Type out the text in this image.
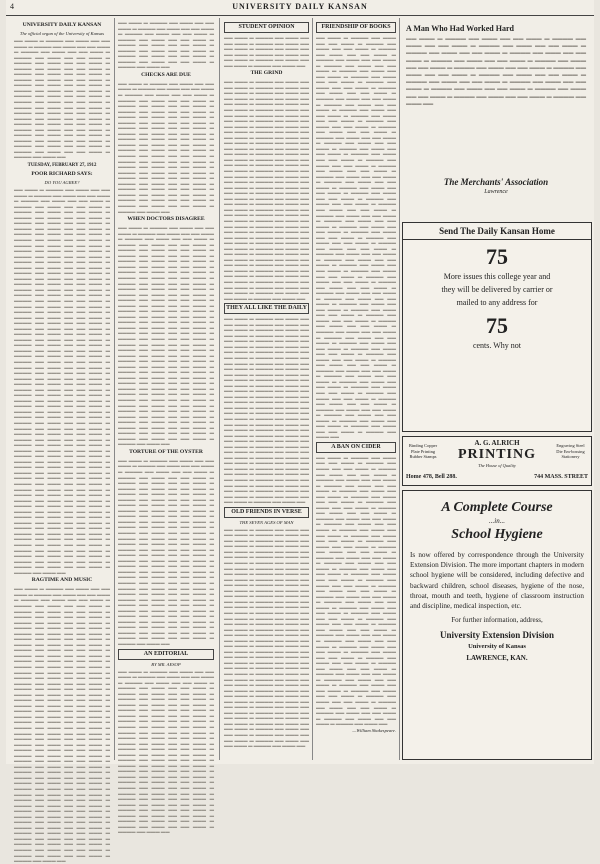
4	UNIVERSITY DAILY KANSAN
UNIVERSITY DAILY KANSAN
The official organ of the University of Kansas
▬▬ ▬▬▬ ▬ ▬▬▬▬ ▬▬ ▬▬▬ ▬▬ ▬▬ ▬▬▬ ▬ ▬▬▬▬ ▬▬ ▬▬▬ ▬▬ ▬▬ ▬▬▬ ▬ ▬▬▬▬ ▬▬ ▬▬▬ ▬▬ ▬▬ ▬▬▬ ▬ ▬▬▬▬ ▬▬ ▬▬▬ ▬▬ ▬▬ ▬▬▬ ▬ ▬▬▬▬ ▬▬ ▬▬▬ ▬▬ ▬▬ ▬▬▬ ▬ ▬▬▬▬ ▬▬ ▬▬▬ ▬▬ ▬▬ ▬▬▬ ▬ ▬▬▬▬ ▬▬ ▬▬▬ ▬▬ ▬▬ ▬▬▬ ▬ ▬▬▬▬ ▬▬ ▬▬▬ ▬▬ ▬▬ ▬▬▬ ▬ ▬▬▬▬ ▬▬ ▬▬▬ ▬▬ ▬▬ ▬▬▬ ▬ ▬▬▬▬ ▬▬ ▬▬▬ ▬▬ ▬▬ ▬▬▬ ▬ ▬▬▬▬ ▬▬ ▬▬▬ ▬▬ ▬▬ ▬▬▬ ▬ ▬▬▬▬ ▬▬ ▬▬▬ ▬▬ ▬▬ ▬▬▬ ▬ ▬▬▬▬ ▬▬ ▬▬▬ ▬▬ ▬▬ ▬▬▬ ▬ ▬▬▬▬ ▬▬ ▬▬▬ ▬▬ ▬▬ ▬▬▬ ▬ ▬▬▬▬ ▬▬ ▬▬▬ ▬▬ ▬▬ ▬▬▬ ▬ ▬▬▬▬ ▬▬ ▬▬▬ ▬▬ ▬▬ ▬▬▬ ▬ ▬▬▬▬ ▬▬ ▬▬▬ ▬▬ ▬▬ ▬▬▬ ▬ ▬▬▬▬ ▬▬ ▬▬▬ ▬▬ ▬▬ ▬▬▬ ▬ ▬▬▬▬ ▬▬ ▬▬▬ ▬▬ ▬▬ ▬▬▬ ▬ ▬▬▬▬ ▬▬ ▬▬▬ ▬▬ ▬▬ ▬▬▬ ▬ ▬▬▬▬ ▬▬ ▬▬▬ ▬▬ ▬▬ ▬▬▬ ▬ ▬▬▬▬ ▬▬ ▬▬▬ ▬▬
TUESDAY, FEBRUARY 27, 1912
POOR RICHARD SAYS:
DO YOU AGREE?
▬▬ ▬▬▬ ▬ ▬▬▬▬ ▬▬ ▬▬▬ ▬▬ ▬▬ ▬▬▬ ▬ ▬▬▬▬ ▬▬ ▬▬▬ ▬▬ ▬▬ ▬▬▬ ▬ ▬▬▬▬ ▬▬ ▬▬▬ ▬▬ ▬▬ ▬▬▬ ▬ ▬▬▬▬ ▬▬ ▬▬▬ ▬▬ ▬▬ ▬▬▬ ▬ ▬▬▬▬ ▬▬ ▬▬▬ ▬▬ ▬▬ ▬▬▬ ▬ ▬▬▬▬ ▬▬ ▬▬▬ ▬▬ ▬▬ ▬▬▬ ▬ ▬▬▬▬ ▬▬ ▬▬▬ ▬▬ ▬▬ ▬▬▬ ▬ ▬▬▬▬ ▬▬ ▬▬▬ ▬▬ ▬▬ ▬▬▬ ▬ ▬▬▬▬ ▬▬ ▬▬▬ ▬▬ ▬▬ ▬▬▬ ▬ ▬▬▬▬ ▬▬ ▬▬▬ ▬▬ ▬▬ ▬▬▬ ▬ ▬▬▬▬ ▬▬ ▬▬▬ ▬▬ ▬▬ ▬▬▬ ▬ ▬▬▬▬ ▬▬ ▬▬▬ ▬▬ ▬▬ ▬▬▬ ▬ ▬▬▬▬ ▬▬ ▬▬▬ ▬▬ ▬▬ ▬▬▬ ▬ ▬▬▬▬ ▬▬ ▬▬▬ ▬▬ ▬▬ ▬▬▬ ▬ ▬▬▬▬ ▬▬ ▬▬▬ ▬▬ ▬▬ ▬▬▬ ▬ ▬▬▬▬ ▬▬ ▬▬▬ ▬▬ ▬▬ ▬▬▬ ▬ ▬▬▬▬ ▬▬ ▬▬▬ ▬▬ ▬▬ ▬▬▬ ▬ ▬▬▬▬ ▬▬ ▬▬▬ ▬▬ ▬▬ ▬▬▬ ▬ ▬▬▬▬ ▬▬ ▬▬▬ ▬▬ ▬▬ ▬▬▬ ▬ ▬▬▬▬ ▬▬ ▬▬▬ ▬▬ ▬▬ ▬▬▬ ▬ ▬▬▬▬ ▬▬ ▬▬▬ ▬▬ ▬▬ ▬▬▬ ▬ ▬▬▬▬ ▬▬ ▬▬▬ ▬▬ ▬▬ ▬▬▬ ▬ ▬▬▬▬ ▬▬ ▬▬▬ ▬▬ ▬▬ ▬▬▬ ▬ ▬▬▬▬ ▬▬ ▬▬▬ ▬▬ ▬▬ ▬▬▬ ▬ ▬▬▬▬ ▬▬ ▬▬▬ ▬▬ ▬▬ ▬▬▬ ▬ ▬▬▬▬ ▬▬ ▬▬▬ ▬▬ ▬▬ ▬▬▬ ▬ ▬▬▬▬ ▬▬ ▬▬▬ ▬▬ ▬▬ ▬▬▬ ▬ ▬▬▬▬ ▬▬ ▬▬▬ ▬▬ ▬▬ ▬▬▬ ▬ ▬▬▬▬ ▬▬ ▬▬▬ ▬▬ ▬▬ ▬▬▬ ▬ ▬▬▬▬ ▬▬ ▬▬▬ ▬▬ ▬▬ ▬▬▬ ▬ ▬▬▬▬ ▬▬ ▬▬▬ ▬▬ ▬▬ ▬▬▬ ▬ ▬▬▬▬ ▬▬ ▬▬▬ ▬▬ ▬▬ ▬▬▬ ▬ ▬▬▬▬ ▬▬ ▬▬▬ ▬▬ ▬▬ ▬▬▬ ▬ ▬▬▬▬ ▬▬ ▬▬▬ ▬▬ ▬▬ ▬▬▬ ▬ ▬▬▬▬ ▬▬ ▬▬▬ ▬▬ ▬▬ ▬▬▬ ▬ ▬▬▬▬ ▬▬ ▬▬▬ ▬▬ ▬▬ ▬▬▬ ▬ ▬▬▬▬ ▬▬ ▬▬▬ ▬▬ ▬▬ ▬▬▬ ▬ ▬▬▬▬ ▬▬ ▬▬▬ ▬▬ ▬▬ ▬▬▬ ▬ ▬▬▬▬ ▬▬ ▬▬▬ ▬▬ ▬▬ ▬▬▬ ▬ ▬▬▬▬ ▬▬ ▬▬▬ ▬▬ ▬▬ ▬▬▬ ▬ ▬▬▬▬ ▬▬ ▬▬▬ ▬▬ ▬▬ ▬▬▬ ▬ ▬▬▬▬ ▬▬ ▬▬▬ ▬▬ ▬▬ ▬▬▬ ▬ ▬▬▬▬ ▬▬ ▬▬▬ ▬▬ ▬▬ ▬▬▬ ▬ ▬▬▬▬ ▬▬ ▬▬▬ ▬▬ ▬▬ ▬▬▬ ▬ ▬▬▬▬ ▬▬ ▬▬▬ ▬▬ ▬▬ ▬▬▬ ▬ ▬▬▬▬ ▬▬ ▬▬▬ ▬▬ ▬▬ ▬▬▬ ▬ ▬▬▬▬ ▬▬ ▬▬▬ ▬▬ ▬▬ ▬▬▬ ▬ ▬▬▬▬ ▬▬ ▬▬▬ ▬▬ ▬▬ ▬▬▬ ▬ ▬▬▬▬ ▬▬ ▬▬▬ ▬▬ ▬▬ ▬▬▬ ▬ ▬▬▬▬ ▬▬ ▬▬▬ ▬▬ ▬▬ ▬▬▬ ▬ ▬▬▬▬ ▬▬ ▬▬▬ ▬▬ ▬▬ ▬▬▬ ▬ ▬▬▬▬ ▬▬ ▬▬▬ ▬▬ ▬▬ ▬▬▬ ▬ ▬▬▬▬ ▬▬ ▬▬▬ ▬▬ ▬▬ ▬▬▬ ▬ ▬▬▬▬ ▬▬ ▬▬▬ ▬▬ ▬▬ ▬▬▬ ▬ ▬▬▬▬ ▬▬ ▬▬▬ ▬▬ ▬▬ ▬▬▬ ▬ ▬▬▬▬ ▬▬ ▬▬▬ ▬▬ ▬▬ ▬▬▬ ▬ ▬▬▬▬ ▬▬ ▬▬▬ ▬▬ ▬▬ ▬▬▬ ▬ ▬▬▬▬ ▬▬ ▬▬▬ ▬▬ ▬▬ ▬▬▬ ▬ ▬▬▬▬ ▬▬ ▬▬▬ ▬▬ ▬▬ ▬▬▬ ▬ ▬▬▬▬ ▬▬ ▬▬▬ ▬▬ ▬▬ ▬▬▬ ▬ ▬▬▬▬ ▬▬ ▬▬▬ ▬▬ ▬▬ ▬▬▬ ▬ ▬▬▬▬ ▬▬ ▬▬▬ ▬▬ ▬▬ ▬▬▬ ▬ ▬▬▬▬ ▬▬ ▬▬▬ ▬▬ ▬▬ ▬▬▬ ▬ ▬▬▬▬ ▬▬ ▬▬▬ ▬▬ ▬▬ ▬▬▬ ▬ ▬▬▬▬ ▬▬ ▬▬▬ ▬▬ ▬▬ ▬▬▬ ▬ ▬▬▬▬ ▬▬ ▬▬▬ ▬▬ ▬▬ ▬▬▬ ▬ ▬▬▬▬ ▬▬ ▬▬▬ ▬▬ ▬▬ ▬▬▬ ▬ ▬▬▬▬ ▬▬ ▬▬▬ ▬▬ ▬▬ ▬▬▬ ▬ ▬▬▬▬ ▬▬ ▬▬▬ ▬▬ ▬▬ ▬▬▬ ▬ ▬▬▬▬ ▬▬ ▬▬▬ ▬▬
RAGTIME AND MUSIC
▬▬ ▬▬▬ ▬ ▬▬▬▬ ▬▬ ▬▬▬ ▬▬ ▬▬ ▬▬▬ ▬ ▬▬▬▬ ▬▬ ▬▬▬ ▬▬ ▬▬ ▬▬▬ ▬ ▬▬▬▬ ▬▬ ▬▬▬ ▬▬ ▬▬ ▬▬▬ ▬ ▬▬▬▬ ▬▬ ▬▬▬ ▬▬ ▬▬ ▬▬▬ ▬ ▬▬▬▬ ▬▬ ▬▬▬ ▬▬ ▬▬ ▬▬▬ ▬ ▬▬▬▬ ▬▬ ▬▬▬ ▬▬ ▬▬ ▬▬▬ ▬ ▬▬▬▬ ▬▬ ▬▬▬ ▬▬ ▬▬ ▬▬▬ ▬ ▬▬▬▬ ▬▬ ▬▬▬ ▬▬ ▬▬ ▬▬▬ ▬ ▬▬▬▬ ▬▬ ▬▬▬ ▬▬ ▬▬ ▬▬▬ ▬ ▬▬▬▬ ▬▬ ▬▬▬ ▬▬ ▬▬ ▬▬▬ ▬ ▬▬▬▬ ▬▬ ▬▬▬ ▬▬ ▬▬ ▬▬▬ ▬ ▬▬▬▬ ▬▬ ▬▬▬ ▬▬ ▬▬ ▬▬▬ ▬ ▬▬▬▬ ▬▬ ▬▬▬ ▬▬ ▬▬ ▬▬▬ ▬ ▬▬▬▬ ▬▬ ▬▬▬ ▬▬ ▬▬ ▬▬▬ ▬ ▬▬▬▬ ▬▬ ▬▬▬ ▬▬ ▬▬ ▬▬▬ ▬ ▬▬▬▬ ▬▬ ▬▬▬ ▬▬ ▬▬ ▬▬▬ ▬ ▬▬▬▬ ▬▬ ▬▬▬ ▬▬ ▬▬ ▬▬▬ ▬ ▬▬▬▬ ▬▬ ▬▬▬ ▬▬ ▬▬ ▬▬▬ ▬ ▬▬▬▬ ▬▬ ▬▬▬ ▬▬ ▬▬ ▬▬▬ ▬ ▬▬▬▬ ▬▬ ▬▬▬ ▬▬ ▬▬ ▬▬▬ ▬ ▬▬▬▬ ▬▬ ▬▬▬ ▬▬ ▬▬ ▬▬▬ ▬ ▬▬▬▬ ▬▬ ▬▬▬ ▬▬ ▬▬ ▬▬▬ ▬ ▬▬▬▬ ▬▬ ▬▬▬ ▬▬ ▬▬ ▬▬▬ ▬ ▬▬▬▬ ▬▬ ▬▬▬ ▬▬ ▬▬ ▬▬▬ ▬ ▬▬▬▬ ▬▬ ▬▬▬ ▬▬ ▬▬ ▬▬▬ ▬ ▬▬▬▬ ▬▬ ▬▬▬ ▬▬ ▬▬ ▬▬▬ ▬ ▬▬▬▬ ▬▬ ▬▬▬ ▬▬ ▬▬ ▬▬▬ ▬ ▬▬▬▬ ▬▬ ▬▬▬ ▬▬ ▬▬ ▬▬▬ ▬ ▬▬▬▬ ▬▬ ▬▬▬ ▬▬ ▬▬ ▬▬▬ ▬ ▬▬▬▬ ▬▬ ▬▬▬ ▬▬ ▬▬ ▬▬▬ ▬ ▬▬▬▬ ▬▬ ▬▬▬ ▬▬ ▬▬ ▬▬▬ ▬ ▬▬▬▬ ▬▬ ▬▬▬ ▬▬ ▬▬ ▬▬▬ ▬ ▬▬▬▬ ▬▬ ▬▬▬ ▬▬ ▬▬ ▬▬▬ ▬ ▬▬▬▬ ▬▬ ▬▬▬ ▬▬ ▬▬ ▬▬▬ ▬ ▬▬▬▬ ▬▬ ▬▬▬ ▬▬ ▬▬ ▬▬▬ ▬ ▬▬▬▬ ▬▬ ▬▬▬ ▬▬ ▬▬ ▬▬▬ ▬ ▬▬▬▬ ▬▬ ▬▬▬ ▬▬ ▬▬ ▬▬▬ ▬ ▬▬▬▬ ▬▬ ▬▬▬ ▬▬ ▬▬ ▬▬▬ ▬ ▬▬▬▬ ▬▬ ▬▬▬ ▬▬ ▬▬ ▬▬▬ ▬ ▬▬▬▬ ▬▬ ▬▬▬ ▬▬ ▬▬ ▬▬▬ ▬ ▬▬▬▬ ▬▬ ▬▬▬ ▬▬ ▬▬ ▬▬▬ ▬ ▬▬▬▬ ▬▬ ▬▬▬ ▬▬ ▬▬ ▬▬▬ ▬ ▬▬▬▬ ▬▬ ▬▬▬ ▬▬ ▬▬ ▬▬▬ ▬ ▬▬▬▬ ▬▬ ▬▬▬ ▬▬ ▬▬ ▬▬▬ ▬ ▬▬▬▬ ▬▬ ▬▬▬ ▬▬ ▬▬ ▬▬▬ ▬ ▬▬▬▬ ▬▬ ▬▬▬ ▬▬ ▬▬ ▬▬▬ ▬ ▬▬▬▬ ▬▬ ▬▬▬ ▬▬ ▬▬ ▬▬▬ ▬ ▬▬▬▬ ▬▬ ▬▬▬ ▬▬ ▬▬ ▬▬▬ ▬ ▬▬▬▬ ▬▬ ▬▬▬ ▬▬ ▬▬ ▬▬▬ ▬ ▬▬▬▬ ▬▬ ▬▬▬ ▬▬
▬▬ ▬▬▬ ▬ ▬▬▬▬ ▬▬ ▬▬▬ ▬▬ ▬▬ ▬▬▬ ▬ ▬▬▬▬ ▬▬ ▬▬▬ ▬▬ ▬▬ ▬▬▬ ▬ ▬▬▬▬ ▬▬ ▬▬▬ ▬▬ ▬▬ ▬▬▬ ▬ ▬▬▬▬ ▬▬ ▬▬▬ ▬▬ ▬▬ ▬▬▬ ▬ ▬▬▬▬ ▬▬ ▬▬▬ ▬▬ ▬▬ ▬▬▬ ▬ ▬▬▬▬ ▬▬ ▬▬▬ ▬▬ ▬▬ ▬▬▬ ▬ ▬▬▬▬ ▬▬ ▬▬▬ ▬▬ ▬▬ ▬▬▬ ▬ ▬▬▬▬ ▬▬ ▬▬▬ ▬▬ ▬▬ ▬▬▬ ▬ ▬▬▬▬ ▬▬ ▬▬▬ ▬▬
CHECKS ARE DUE
▬▬ ▬▬▬ ▬ ▬▬▬▬ ▬▬ ▬▬▬ ▬▬ ▬▬ ▬▬▬ ▬ ▬▬▬▬ ▬▬ ▬▬▬ ▬▬ ▬▬ ▬▬▬ ▬ ▬▬▬▬ ▬▬ ▬▬▬ ▬▬ ▬▬ ▬▬▬ ▬ ▬▬▬▬ ▬▬ ▬▬▬ ▬▬ ▬▬ ▬▬▬ ▬ ▬▬▬▬ ▬▬ ▬▬▬ ▬▬ ▬▬ ▬▬▬ ▬ ▬▬▬▬ ▬▬ ▬▬▬ ▬▬ ▬▬ ▬▬▬ ▬ ▬▬▬▬ ▬▬ ▬▬▬ ▬▬ ▬▬ ▬▬▬ ▬ ▬▬▬▬ ▬▬ ▬▬▬ ▬▬ ▬▬ ▬▬▬ ▬ ▬▬▬▬ ▬▬ ▬▬▬ ▬▬ ▬▬ ▬▬▬ ▬ ▬▬▬▬ ▬▬ ▬▬▬ ▬▬ ▬▬ ▬▬▬ ▬ ▬▬▬▬ ▬▬ ▬▬▬ ▬▬ ▬▬ ▬▬▬ ▬ ▬▬▬▬ ▬▬ ▬▬▬ ▬▬ ▬▬ ▬▬▬ ▬ ▬▬▬▬ ▬▬ ▬▬▬ ▬▬ ▬▬ ▬▬▬ ▬ ▬▬▬▬ ▬▬ ▬▬▬ ▬▬ ▬▬ ▬▬▬ ▬ ▬▬▬▬ ▬▬ ▬▬▬ ▬▬ ▬▬ ▬▬▬ ▬ ▬▬▬▬ ▬▬ ▬▬▬ ▬▬ ▬▬ ▬▬▬ ▬ ▬▬▬▬ ▬▬ ▬▬▬ ▬▬ ▬▬ ▬▬▬ ▬ ▬▬▬▬ ▬▬ ▬▬▬ ▬▬ ▬▬ ▬▬▬ ▬ ▬▬▬▬ ▬▬ ▬▬▬ ▬▬ ▬▬ ▬▬▬ ▬ ▬▬▬▬ ▬▬ ▬▬▬ ▬▬ ▬▬ ▬▬▬ ▬ ▬▬▬▬ ▬▬ ▬▬▬ ▬▬ ▬▬ ▬▬▬ ▬ ▬▬▬▬ ▬▬ ▬▬▬ ▬▬ ▬▬ ▬▬▬ ▬ ▬▬▬▬ ▬▬ ▬▬▬ ▬▬ ▬▬ ▬▬▬ ▬ ▬▬▬▬ ▬▬ ▬▬▬ ▬▬
WHEN DOCTORS DISAGREE
▬▬ ▬▬▬ ▬ ▬▬▬▬ ▬▬ ▬▬▬ ▬▬ ▬▬ ▬▬▬ ▬ ▬▬▬▬ ▬▬ ▬▬▬ ▬▬ ▬▬ ▬▬▬ ▬ ▬▬▬▬ ▬▬ ▬▬▬ ▬▬ ▬▬ ▬▬▬ ▬ ▬▬▬▬ ▬▬ ▬▬▬ ▬▬ ▬▬ ▬▬▬ ▬ ▬▬▬▬ ▬▬ ▬▬▬ ▬▬ ▬▬ ▬▬▬ ▬ ▬▬▬▬ ▬▬ ▬▬▬ ▬▬ ▬▬ ▬▬▬ ▬ ▬▬▬▬ ▬▬ ▬▬▬ ▬▬ ▬▬ ▬▬▬ ▬ ▬▬▬▬ ▬▬ ▬▬▬ ▬▬ ▬▬ ▬▬▬ ▬ ▬▬▬▬ ▬▬ ▬▬▬ ▬▬ ▬▬ ▬▬▬ ▬ ▬▬▬▬ ▬▬ ▬▬▬ ▬▬ ▬▬ ▬▬▬ ▬ ▬▬▬▬ ▬▬ ▬▬▬ ▬▬ ▬▬ ▬▬▬ ▬ ▬▬▬▬ ▬▬ ▬▬▬ ▬▬ ▬▬ ▬▬▬ ▬ ▬▬▬▬ ▬▬ ▬▬▬ ▬▬ ▬▬ ▬▬▬ ▬ ▬▬▬▬ ▬▬ ▬▬▬ ▬▬ ▬▬ ▬▬▬ ▬ ▬▬▬▬ ▬▬ ▬▬▬ ▬▬ ▬▬ ▬▬▬ ▬ ▬▬▬▬ ▬▬ ▬▬▬ ▬▬ ▬▬ ▬▬▬ ▬ ▬▬▬▬ ▬▬ ▬▬▬ ▬▬ ▬▬ ▬▬▬ ▬ ▬▬▬▬ ▬▬ ▬▬▬ ▬▬ ▬▬ ▬▬▬ ▬ ▬▬▬▬ ▬▬ ▬▬▬ ▬▬ ▬▬ ▬▬▬ ▬ ▬▬▬▬ ▬▬ ▬▬▬ ▬▬ ▬▬ ▬▬▬ ▬ ▬▬▬▬ ▬▬ ▬▬▬ ▬▬ ▬▬ ▬▬▬ ▬ ▬▬▬▬ ▬▬ ▬▬▬ ▬▬ ▬▬ ▬▬▬ ▬ ▬▬▬▬ ▬▬ ▬▬▬ ▬▬ ▬▬ ▬▬▬ ▬ ▬▬▬▬ ▬▬ ▬▬▬ ▬▬ ▬▬ ▬▬▬ ▬ ▬▬▬▬ ▬▬ ▬▬▬ ▬▬ ▬▬ ▬▬▬ ▬ ▬▬▬▬ ▬▬ ▬▬▬ ▬▬ ▬▬ ▬▬▬ ▬ ▬▬▬▬ ▬▬ ▬▬▬ ▬▬ ▬▬ ▬▬▬ ▬ ▬▬▬▬ ▬▬ ▬▬▬ ▬▬ ▬▬ ▬▬▬ ▬ ▬▬▬▬ ▬▬ ▬▬▬ ▬▬ ▬▬ ▬▬▬ ▬ ▬▬▬▬ ▬▬ ▬▬▬ ▬▬ ▬▬ ▬▬▬ ▬ ▬▬▬▬ ▬▬ ▬▬▬ ▬▬ ▬▬ ▬▬▬ ▬ ▬▬▬▬ ▬▬ ▬▬▬ ▬▬ ▬▬ ▬▬▬ ▬ ▬▬▬▬ ▬▬ ▬▬▬ ▬▬ ▬▬ ▬▬▬ ▬ ▬▬▬▬ ▬▬ ▬▬▬ ▬▬ ▬▬ ▬▬▬ ▬ ▬▬▬▬ ▬▬ ▬▬▬ ▬▬ ▬▬ ▬▬▬ ▬ ▬▬▬▬ ▬▬ ▬▬▬ ▬▬ ▬▬ ▬▬▬ ▬ ▬▬▬▬ ▬▬ ▬▬▬ ▬▬ ▬▬ ▬▬▬ ▬ ▬▬▬▬ ▬▬ ▬▬▬ ▬▬ ▬▬ ▬▬▬ ▬ ▬▬▬▬ ▬▬ ▬▬▬ ▬▬ ▬▬ ▬▬▬ ▬ ▬▬▬▬ ▬▬ ▬▬▬ ▬▬
TORTURE OF THE OYSTER
▬▬ ▬▬▬ ▬ ▬▬▬▬ ▬▬ ▬▬▬ ▬▬ ▬▬ ▬▬▬ ▬ ▬▬▬▬ ▬▬ ▬▬▬ ▬▬ ▬▬ ▬▬▬ ▬ ▬▬▬▬ ▬▬ ▬▬▬ ▬▬ ▬▬ ▬▬▬ ▬ ▬▬▬▬ ▬▬ ▬▬▬ ▬▬ ▬▬ ▬▬▬ ▬ ▬▬▬▬ ▬▬ ▬▬▬ ▬▬ ▬▬ ▬▬▬ ▬ ▬▬▬▬ ▬▬ ▬▬▬ ▬▬ ▬▬ ▬▬▬ ▬ ▬▬▬▬ ▬▬ ▬▬▬ ▬▬ ▬▬ ▬▬▬ ▬ ▬▬▬▬ ▬▬ ▬▬▬ ▬▬ ▬▬ ▬▬▬ ▬ ▬▬▬▬ ▬▬ ▬▬▬ ▬▬ ▬▬ ▬▬▬ ▬ ▬▬▬▬ ▬▬ ▬▬▬ ▬▬ ▬▬ ▬▬▬ ▬ ▬▬▬▬ ▬▬ ▬▬▬ ▬▬ ▬▬ ▬▬▬ ▬ ▬▬▬▬ ▬▬ ▬▬▬ ▬▬ ▬▬ ▬▬▬ ▬ ▬▬▬▬ ▬▬ ▬▬▬ ▬▬ ▬▬ ▬▬▬ ▬ ▬▬▬▬ ▬▬ ▬▬▬ ▬▬ ▬▬ ▬▬▬ ▬ ▬▬▬▬ ▬▬ ▬▬▬ ▬▬ ▬▬ ▬▬▬ ▬ ▬▬▬▬ ▬▬ ▬▬▬ ▬▬ ▬▬ ▬▬▬ ▬ ▬▬▬▬ ▬▬ ▬▬▬ ▬▬ ▬▬ ▬▬▬ ▬ ▬▬▬▬ ▬▬ ▬▬▬ ▬▬ ▬▬ ▬▬▬ ▬ ▬▬▬▬ ▬▬ ▬▬▬ ▬▬ ▬▬ ▬▬▬ ▬ ▬▬▬▬ ▬▬ ▬▬▬ ▬▬ ▬▬ ▬▬▬ ▬ ▬▬▬▬ ▬▬ ▬▬▬ ▬▬ ▬▬ ▬▬▬ ▬ ▬▬▬▬ ▬▬ ▬▬▬ ▬▬ ▬▬ ▬▬▬ ▬ ▬▬▬▬ ▬▬ ▬▬▬ ▬▬ ▬▬ ▬▬▬ ▬ ▬▬▬▬ ▬▬ ▬▬▬ ▬▬ ▬▬ ▬▬▬ ▬ ▬▬▬▬ ▬▬ ▬▬▬ ▬▬ ▬▬ ▬▬▬ ▬ ▬▬▬▬ ▬▬ ▬▬▬ ▬▬ ▬▬ ▬▬▬ ▬ ▬▬▬▬ ▬▬ ▬▬▬ ▬▬ ▬▬ ▬▬▬ ▬ ▬▬▬▬ ▬▬ ▬▬▬ ▬▬ ▬▬ ▬▬▬ ▬ ▬▬▬▬ ▬▬ ▬▬▬ ▬▬ ▬▬ ▬▬▬ ▬ ▬▬▬▬ ▬▬ ▬▬▬ ▬▬ ▬▬ ▬▬▬ ▬ ▬▬▬▬ ▬▬ ▬▬▬ ▬▬ ▬▬ ▬▬▬ ▬ ▬▬▬▬ ▬▬ ▬▬▬ ▬▬ ▬▬ ▬▬▬ ▬ ▬▬▬▬ ▬▬ ▬▬▬ ▬▬ ▬▬ ▬▬▬ ▬ ▬▬▬▬ ▬▬ ▬▬▬ ▬▬
AN EDITORIAL
BY MR. AESOP
▬▬ ▬▬▬ ▬ ▬▬▬▬ ▬▬ ▬▬▬ ▬▬ ▬▬ ▬▬▬ ▬ ▬▬▬▬ ▬▬ ▬▬▬ ▬▬ ▬▬ ▬▬▬ ▬ ▬▬▬▬ ▬▬ ▬▬▬ ▬▬ ▬▬ ▬▬▬ ▬ ▬▬▬▬ ▬▬ ▬▬▬ ▬▬ ▬▬ ▬▬▬ ▬ ▬▬▬▬ ▬▬ ▬▬▬ ▬▬ ▬▬ ▬▬▬ ▬ ▬▬▬▬ ▬▬ ▬▬▬ ▬▬ ▬▬ ▬▬▬ ▬ ▬▬▬▬ ▬▬ ▬▬▬ ▬▬ ▬▬ ▬▬▬ ▬ ▬▬▬▬ ▬▬ ▬▬▬ ▬▬ ▬▬ ▬▬▬ ▬ ▬▬▬▬ ▬▬ ▬▬▬ ▬▬ ▬▬ ▬▬▬ ▬ ▬▬▬▬ ▬▬ ▬▬▬ ▬▬ ▬▬ ▬▬▬ ▬ ▬▬▬▬ ▬▬ ▬▬▬ ▬▬ ▬▬ ▬▬▬ ▬ ▬▬▬▬ ▬▬ ▬▬▬ ▬▬ ▬▬ ▬▬▬ ▬ ▬▬▬▬ ▬▬ ▬▬▬ ▬▬ ▬▬ ▬▬▬ ▬ ▬▬▬▬ ▬▬ ▬▬▬ ▬▬ ▬▬ ▬▬▬ ▬ ▬▬▬▬ ▬▬ ▬▬▬ ▬▬ ▬▬ ▬▬▬ ▬ ▬▬▬▬ ▬▬ ▬▬▬ ▬▬ ▬▬ ▬▬▬ ▬ ▬▬▬▬ ▬▬ ▬▬▬ ▬▬ ▬▬ ▬▬▬ ▬ ▬▬▬▬ ▬▬ ▬▬▬ ▬▬ ▬▬ ▬▬▬ ▬ ▬▬▬▬ ▬▬ ▬▬▬ ▬▬ ▬▬ ▬▬▬ ▬ ▬▬▬▬ ▬▬ ▬▬▬ ▬▬ ▬▬ ▬▬▬ ▬ ▬▬▬▬ ▬▬ ▬▬▬ ▬▬ ▬▬ ▬▬▬ ▬ ▬▬▬▬ ▬▬ ▬▬▬ ▬▬ ▬▬ ▬▬▬ ▬ ▬▬▬▬ ▬▬ ▬▬▬ ▬▬ ▬▬ ▬▬▬ ▬ ▬▬▬▬ ▬▬ ▬▬▬ ▬▬ ▬▬ ▬▬▬ ▬ ▬▬▬▬ ▬▬ ▬▬▬ ▬▬ ▬▬ ▬▬▬ ▬ ▬▬▬▬ ▬▬ ▬▬▬ ▬▬ ▬▬ ▬▬▬ ▬ ▬▬▬▬ ▬▬ ▬▬▬ ▬▬ ▬▬ ▬▬▬ ▬ ▬▬▬▬ ▬▬ ▬▬▬ ▬▬ ▬▬ ▬▬▬ ▬ ▬▬▬▬ ▬▬ ▬▬▬ ▬▬ ▬▬ ▬▬▬ ▬ ▬▬▬▬ ▬▬ ▬▬▬ ▬▬
STUDENT OPINION
▬▬ ▬▬▬ ▬ ▬▬▬▬ ▬▬ ▬▬▬ ▬▬ ▬▬ ▬▬▬ ▬ ▬▬▬▬ ▬▬ ▬▬▬ ▬▬ ▬▬ ▬▬▬ ▬ ▬▬▬▬ ▬▬ ▬▬▬ ▬▬ ▬▬ ▬▬▬ ▬ ▬▬▬▬ ▬▬ ▬▬▬ ▬▬ ▬▬ ▬▬▬ ▬ ▬▬▬▬ ▬▬ ▬▬▬ ▬▬ ▬▬ ▬▬▬ ▬ ▬▬▬▬ ▬▬ ▬▬▬ ▬▬
THE GRIND
▬▬ ▬▬▬ ▬ ▬▬▬▬ ▬▬ ▬▬▬ ▬▬ ▬▬ ▬▬▬ ▬ ▬▬▬▬ ▬▬ ▬▬▬ ▬▬ ▬▬ ▬▬▬ ▬ ▬▬▬▬ ▬▬ ▬▬▬ ▬▬ ▬▬ ▬▬▬ ▬ ▬▬▬▬ ▬▬ ▬▬▬ ▬▬ ▬▬ ▬▬▬ ▬ ▬▬▬▬ ▬▬ ▬▬▬ ▬▬ ▬▬ ▬▬▬ ▬ ▬▬▬▬ ▬▬ ▬▬▬ ▬▬ ▬▬ ▬▬▬ ▬ ▬▬▬▬ ▬▬ ▬▬▬ ▬▬ ▬▬ ▬▬▬ ▬ ▬▬▬▬ ▬▬ ▬▬▬ ▬▬ ▬▬ ▬▬▬ ▬ ▬▬▬▬ ▬▬ ▬▬▬ ▬▬ ▬▬ ▬▬▬ ▬ ▬▬▬▬ ▬▬ ▬▬▬ ▬▬ ▬▬ ▬▬▬ ▬ ▬▬▬▬ ▬▬ ▬▬▬ ▬▬ ▬▬ ▬▬▬ ▬ ▬▬▬▬ ▬▬ ▬▬▬ ▬▬ ▬▬ ▬▬▬ ▬ ▬▬▬▬ ▬▬ ▬▬▬ ▬▬ ▬▬ ▬▬▬ ▬ ▬▬▬▬ ▬▬ ▬▬▬ ▬▬ ▬▬ ▬▬▬ ▬ ▬▬▬▬ ▬▬ ▬▬▬ ▬▬ ▬▬ ▬▬▬ ▬ ▬▬▬▬ ▬▬ ▬▬▬ ▬▬ ▬▬ ▬▬▬ ▬ ▬▬▬▬ ▬▬ ▬▬▬ ▬▬ ▬▬ ▬▬▬ ▬ ▬▬▬▬ ▬▬ ▬▬▬ ▬▬ ▬▬ ▬▬▬ ▬ ▬▬▬▬ ▬▬ ▬▬▬ ▬▬ ▬▬ ▬▬▬ ▬ ▬▬▬▬ ▬▬ ▬▬▬ ▬▬ ▬▬ ▬▬▬ ▬ ▬▬▬▬ ▬▬ ▬▬▬ ▬▬ ▬▬ ▬▬▬ ▬ ▬▬▬▬ ▬▬ ▬▬▬ ▬▬ ▬▬ ▬▬▬ ▬ ▬▬▬▬ ▬▬ ▬▬▬ ▬▬ ▬▬ ▬▬▬ ▬ ▬▬▬▬ ▬▬ ▬▬▬ ▬▬ ▬▬ ▬▬▬ ▬ ▬▬▬▬ ▬▬ ▬▬▬ ▬▬ ▬▬ ▬▬▬ ▬ ▬▬▬▬ ▬▬ ▬▬▬ ▬▬ ▬▬ ▬▬▬ ▬ ▬▬▬▬ ▬▬ ▬▬▬ ▬▬ ▬▬ ▬▬▬ ▬ ▬▬▬▬ ▬▬ ▬▬▬ ▬▬ ▬▬ ▬▬▬ ▬ ▬▬▬▬ ▬▬ ▬▬▬ ▬▬ ▬▬ ▬▬▬ ▬ ▬▬▬▬ ▬▬ ▬▬▬ ▬▬ ▬▬ ▬▬▬ ▬ ▬▬▬▬ ▬▬ ▬▬▬ ▬▬ ▬▬ ▬▬▬ ▬ ▬▬▬▬ ▬▬ ▬▬▬ ▬▬ ▬▬ ▬▬▬ ▬ ▬▬▬▬ ▬▬ ▬▬▬ ▬▬ ▬▬ ▬▬▬ ▬ ▬▬▬▬ ▬▬ ▬▬▬ ▬▬ ▬▬ ▬▬▬ ▬ ▬▬▬▬ ▬▬ ▬▬▬ ▬▬ ▬▬ ▬▬▬ ▬ ▬▬▬▬ ▬▬ ▬▬▬ ▬▬ ▬▬ ▬▬▬ ▬ ▬▬▬▬ ▬▬ ▬▬▬ ▬▬ ▬▬ ▬▬▬ ▬ ▬▬▬▬ ▬▬ ▬▬▬ ▬▬ ▬▬ ▬▬▬ ▬ ▬▬▬▬ ▬▬ ▬▬▬ ▬▬ ▬▬ ▬▬▬ ▬ ▬▬▬▬ ▬▬ ▬▬▬ ▬▬
THEY ALL LIKE THE DAILY
▬▬ ▬▬▬ ▬ ▬▬▬▬ ▬▬ ▬▬▬ ▬▬ ▬▬ ▬▬▬ ▬ ▬▬▬▬ ▬▬ ▬▬▬ ▬▬ ▬▬ ▬▬▬ ▬ ▬▬▬▬ ▬▬ ▬▬▬ ▬▬ ▬▬ ▬▬▬ ▬ ▬▬▬▬ ▬▬ ▬▬▬ ▬▬ ▬▬ ▬▬▬ ▬ ▬▬▬▬ ▬▬ ▬▬▬ ▬▬ ▬▬ ▬▬▬ ▬ ▬▬▬▬ ▬▬ ▬▬▬ ▬▬ ▬▬ ▬▬▬ ▬ ▬▬▬▬ ▬▬ ▬▬▬ ▬▬ ▬▬ ▬▬▬ ▬ ▬▬▬▬ ▬▬ ▬▬▬ ▬▬ ▬▬ ▬▬▬ ▬ ▬▬▬▬ ▬▬ ▬▬▬ ▬▬ ▬▬ ▬▬▬ ▬ ▬▬▬▬ ▬▬ ▬▬▬ ▬▬ ▬▬ ▬▬▬ ▬ ▬▬▬▬ ▬▬ ▬▬▬ ▬▬ ▬▬ ▬▬▬ ▬ ▬▬▬▬ ▬▬ ▬▬▬ ▬▬ ▬▬ ▬▬▬ ▬ ▬▬▬▬ ▬▬ ▬▬▬ ▬▬ ▬▬ ▬▬▬ ▬ ▬▬▬▬ ▬▬ ▬▬▬ ▬▬ ▬▬ ▬▬▬ ▬ ▬▬▬▬ ▬▬ ▬▬▬ ▬▬ ▬▬ ▬▬▬ ▬ ▬▬▬▬ ▬▬ ▬▬▬ ▬▬ ▬▬ ▬▬▬ ▬ ▬▬▬▬ ▬▬ ▬▬▬ ▬▬ ▬▬ ▬▬▬ ▬ ▬▬▬▬ ▬▬ ▬▬▬ ▬▬ ▬▬ ▬▬▬ ▬ ▬▬▬▬ ▬▬ ▬▬▬ ▬▬ ▬▬ ▬▬▬ ▬ ▬▬▬▬ ▬▬ ▬▬▬ ▬▬ ▬▬ ▬▬▬ ▬ ▬▬▬▬ ▬▬ ▬▬▬ ▬▬ ▬▬ ▬▬▬ ▬ ▬▬▬▬ ▬▬ ▬▬▬ ▬▬ ▬▬ ▬▬▬ ▬ ▬▬▬▬ ▬▬ ▬▬▬ ▬▬ ▬▬ ▬▬▬ ▬ ▬▬▬▬ ▬▬ ▬▬▬ ▬▬ ▬▬ ▬▬▬ ▬ ▬▬▬▬ ▬▬ ▬▬▬ ▬▬ ▬▬ ▬▬▬ ▬ ▬▬▬▬ ▬▬ ▬▬▬ ▬▬ ▬▬ ▬▬▬ ▬ ▬▬▬▬ ▬▬ ▬▬▬ ▬▬ ▬▬ ▬▬▬ ▬ ▬▬▬▬ ▬▬ ▬▬▬ ▬▬ ▬▬ ▬▬▬ ▬ ▬▬▬▬ ▬▬ ▬▬▬ ▬▬ ▬▬ ▬▬▬ ▬ ▬▬▬▬ ▬▬ ▬▬▬ ▬▬ ▬▬ ▬▬▬ ▬ ▬▬▬▬ ▬▬ ▬▬▬ ▬▬ ▬▬ ▬▬▬ ▬ ▬▬▬▬ ▬▬ ▬▬▬ ▬▬ ▬▬ ▬▬▬ ▬ ▬▬▬▬ ▬▬ ▬▬▬ ▬▬ ▬▬ ▬▬▬ ▬ ▬▬▬▬ ▬▬ ▬▬▬ ▬▬
OLD FRIENDS IN VERSE
THE SEVEN AGES OF MAN
▬▬ ▬▬▬ ▬ ▬▬▬▬ ▬▬ ▬▬▬ ▬▬ ▬▬ ▬▬▬ ▬ ▬▬▬▬ ▬▬ ▬▬▬ ▬▬ ▬▬ ▬▬▬ ▬ ▬▬▬▬ ▬▬ ▬▬▬ ▬▬ ▬▬ ▬▬▬ ▬ ▬▬▬▬ ▬▬ ▬▬▬ ▬▬ ▬▬ ▬▬▬ ▬ ▬▬▬▬ ▬▬ ▬▬▬ ▬▬ ▬▬ ▬▬▬ ▬ ▬▬▬▬ ▬▬ ▬▬▬ ▬▬ ▬▬ ▬▬▬ ▬ ▬▬▬▬ ▬▬ ▬▬▬ ▬▬ ▬▬ ▬▬▬ ▬ ▬▬▬▬ ▬▬ ▬▬▬ ▬▬ ▬▬ ▬▬▬ ▬ ▬▬▬▬ ▬▬ ▬▬▬ ▬▬ ▬▬ ▬▬▬ ▬ ▬▬▬▬ ▬▬ ▬▬▬ ▬▬ ▬▬ ▬▬▬ ▬ ▬▬▬▬ ▬▬ ▬▬▬ ▬▬ ▬▬ ▬▬▬ ▬ ▬▬▬▬ ▬▬ ▬▬▬ ▬▬ ▬▬ ▬▬▬ ▬ ▬▬▬▬ ▬▬ ▬▬▬ ▬▬ ▬▬ ▬▬▬ ▬ ▬▬▬▬ ▬▬ ▬▬▬ ▬▬ ▬▬ ▬▬▬ ▬ ▬▬▬▬ ▬▬ ▬▬▬ ▬▬ ▬▬ ▬▬▬ ▬ ▬▬▬▬ ▬▬ ▬▬▬ ▬▬ ▬▬ ▬▬▬ ▬ ▬▬▬▬ ▬▬ ▬▬▬ ▬▬ ▬▬ ▬▬▬ ▬ ▬▬▬▬ ▬▬ ▬▬▬ ▬▬ ▬▬ ▬▬▬ ▬ ▬▬▬▬ ▬▬ ▬▬▬ ▬▬ ▬▬ ▬▬▬ ▬ ▬▬▬▬ ▬▬ ▬▬▬ ▬▬ ▬▬ ▬▬▬ ▬ ▬▬▬▬ ▬▬ ▬▬▬ ▬▬ ▬▬ ▬▬▬ ▬ ▬▬▬▬ ▬▬ ▬▬▬ ▬▬ ▬▬ ▬▬▬ ▬ ▬▬▬▬ ▬▬ ▬▬▬ ▬▬ ▬▬ ▬▬▬ ▬ ▬▬▬▬ ▬▬ ▬▬▬ ▬▬ ▬▬ ▬▬▬ ▬ ▬▬▬▬ ▬▬ ▬▬▬ ▬▬ ▬▬ ▬▬▬ ▬ ▬▬▬▬ ▬▬ ▬▬▬ ▬▬ ▬▬ ▬▬▬ ▬ ▬▬▬▬ ▬▬ ▬▬▬ ▬▬ ▬▬ ▬▬▬ ▬ ▬▬▬▬ ▬▬ ▬▬▬ ▬▬ ▬▬ ▬▬▬ ▬ ▬▬▬▬ ▬▬ ▬▬▬ ▬▬ ▬▬ ▬▬▬ ▬ ▬▬▬▬ ▬▬ ▬▬▬ ▬▬ ▬▬ ▬▬▬ ▬ ▬▬▬▬ ▬▬ ▬▬▬ ▬▬ ▬▬ ▬▬▬ ▬ ▬▬▬▬ ▬▬ ▬▬▬ ▬▬ ▬▬ ▬▬▬ ▬ ▬▬▬▬ ▬▬ ▬▬▬ ▬▬ ▬▬ ▬▬▬ ▬ ▬▬▬▬ ▬▬ ▬▬▬ ▬▬ ▬▬ ▬▬▬ ▬ ▬▬▬▬ ▬▬ ▬▬▬ ▬▬ ▬▬ ▬▬▬ ▬ ▬▬▬▬ ▬▬ ▬▬▬ ▬▬ ▬▬ ▬▬▬ ▬ ▬▬▬▬ ▬▬ ▬▬▬ ▬▬ ▬▬ ▬▬▬ ▬ ▬▬▬▬ ▬▬ ▬▬▬ ▬▬ ▬▬ ▬▬▬ ▬ ▬▬▬▬ ▬▬ ▬▬▬ ▬▬ ▬▬ ▬▬▬ ▬ ▬▬▬▬ ▬▬ ▬▬▬ ▬▬
FRIENDSHIP OF BOOKS
▬▬ ▬▬▬ ▬ ▬▬▬▬ ▬▬ ▬▬▬ ▬▬ ▬▬ ▬▬▬ ▬ ▬▬▬▬ ▬▬ ▬▬▬ ▬▬ ▬▬ ▬▬▬ ▬ ▬▬▬▬ ▬▬ ▬▬▬ ▬▬ ▬▬ ▬▬▬ ▬ ▬▬▬▬ ▬▬ ▬▬▬ ▬▬ ▬▬ ▬▬▬ ▬ ▬▬▬▬ ▬▬ ▬▬▬ ▬▬ ▬▬ ▬▬▬ ▬ ▬▬▬▬ ▬▬ ▬▬▬ ▬▬ ▬▬ ▬▬▬ ▬ ▬▬▬▬ ▬▬ ▬▬▬ ▬▬ ▬▬ ▬▬▬ ▬ ▬▬▬▬ ▬▬ ▬▬▬ ▬▬ ▬▬ ▬▬▬ ▬ ▬▬▬▬ ▬▬ ▬▬▬ ▬▬ ▬▬ ▬▬▬ ▬ ▬▬▬▬ ▬▬ ▬▬▬ ▬▬ ▬▬ ▬▬▬ ▬ ▬▬▬▬ ▬▬ ▬▬▬ ▬▬ ▬▬ ▬▬▬ ▬ ▬▬▬▬ ▬▬ ▬▬▬ ▬▬ ▬▬ ▬▬▬ ▬ ▬▬▬▬ ▬▬ ▬▬▬ ▬▬ ▬▬ ▬▬▬ ▬ ▬▬▬▬ ▬▬ ▬▬▬ ▬▬ ▬▬ ▬▬▬ ▬ ▬▬▬▬ ▬▬ ▬▬▬ ▬▬ ▬▬ ▬▬▬ ▬ ▬▬▬▬ ▬▬ ▬▬▬ ▬▬ ▬▬ ▬▬▬ ▬ ▬▬▬▬ ▬▬ ▬▬▬ ▬▬ ▬▬ ▬▬▬ ▬ ▬▬▬▬ ▬▬ ▬▬▬ ▬▬ ▬▬ ▬▬▬ ▬ ▬▬▬▬ ▬▬ ▬▬▬ ▬▬ ▬▬ ▬▬▬ ▬ ▬▬▬▬ ▬▬ ▬▬▬ ▬▬ ▬▬ ▬▬▬ ▬ ▬▬▬▬ ▬▬ ▬▬▬ ▬▬ ▬▬ ▬▬▬ ▬ ▬▬▬▬ ▬▬ ▬▬▬ ▬▬ ▬▬ ▬▬▬ ▬ ▬▬▬▬ ▬▬ ▬▬▬ ▬▬ ▬▬ ▬▬▬ ▬ ▬▬▬▬ ▬▬ ▬▬▬ ▬▬ ▬▬ ▬▬▬ ▬ ▬▬▬▬ ▬▬ ▬▬▬ ▬▬ ▬▬ ▬▬▬ ▬ ▬▬▬▬ ▬▬ ▬▬▬ ▬▬ ▬▬ ▬▬▬ ▬ ▬▬▬▬ ▬▬ ▬▬▬ ▬▬ ▬▬ ▬▬▬ ▬ ▬▬▬▬ ▬▬ ▬▬▬ ▬▬ ▬▬ ▬▬▬ ▬ ▬▬▬▬ ▬▬ ▬▬▬ ▬▬ ▬▬ ▬▬▬ ▬ ▬▬▬▬ ▬▬ ▬▬▬ ▬▬ ▬▬ ▬▬▬ ▬ ▬▬▬▬ ▬▬ ▬▬▬ ▬▬ ▬▬ ▬▬▬ ▬ ▬▬▬▬ ▬▬ ▬▬▬ ▬▬ ▬▬ ▬▬▬ ▬ ▬▬▬▬ ▬▬ ▬▬▬ ▬▬ ▬▬ ▬▬▬ ▬ ▬▬▬▬ ▬▬ ▬▬▬ ▬▬ ▬▬ ▬▬▬ ▬ ▬▬▬▬ ▬▬ ▬▬▬ ▬▬ ▬▬ ▬▬▬ ▬ ▬▬▬▬ ▬▬ ▬▬▬ ▬▬ ▬▬ ▬▬▬ ▬ ▬▬▬▬ ▬▬ ▬▬▬ ▬▬ ▬▬ ▬▬▬ ▬ ▬▬▬▬ ▬▬ ▬▬▬ ▬▬ ▬▬ ▬▬▬ ▬ ▬▬▬▬ ▬▬ ▬▬▬ ▬▬ ▬▬ ▬▬▬ ▬ ▬▬▬▬ ▬▬ ▬▬▬ ▬▬ ▬▬ ▬▬▬ ▬ ▬▬▬▬ ▬▬ ▬▬▬ ▬▬ ▬▬ ▬▬▬ ▬ ▬▬▬▬ ▬▬ ▬▬▬ ▬▬ ▬▬ ▬▬▬ ▬ ▬▬▬▬ ▬▬ ▬▬▬ ▬▬ ▬▬ ▬▬▬ ▬ ▬▬▬▬ ▬▬ ▬▬▬ ▬▬ ▬▬ ▬▬▬ ▬ ▬▬▬▬ ▬▬ ▬▬▬ ▬▬ ▬▬ ▬▬▬ ▬ ▬▬▬▬ ▬▬ ▬▬▬ ▬▬ ▬▬ ▬▬▬ ▬ ▬▬▬▬ ▬▬ ▬▬▬ ▬▬ ▬▬ ▬▬▬ ▬ ▬▬▬▬ ▬▬ ▬▬▬ ▬▬ ▬▬ ▬▬▬ ▬ ▬▬▬▬ ▬▬ ▬▬▬ ▬▬ ▬▬ ▬▬▬ ▬ ▬▬▬▬ ▬▬ ▬▬▬ ▬▬ ▬▬ ▬▬▬ ▬ ▬▬▬▬ ▬▬ ▬▬▬ ▬▬ ▬▬ ▬▬▬ ▬ ▬▬▬▬ ▬▬ ▬▬▬ ▬▬ ▬▬ ▬▬▬ ▬ ▬▬▬▬ ▬▬ ▬▬▬ ▬▬ ▬▬ ▬▬▬ ▬ ▬▬▬▬ ▬▬ ▬▬▬ ▬▬ ▬▬ ▬▬▬ ▬ ▬▬▬▬ ▬▬ ▬▬▬ ▬▬ ▬▬ ▬▬▬ ▬ ▬▬▬▬ ▬▬ ▬▬▬ ▬▬ ▬▬ ▬▬▬ ▬ ▬▬▬▬ ▬▬ ▬▬▬ ▬▬ ▬▬ ▬▬▬ ▬ ▬▬▬▬ ▬▬ ▬▬▬ ▬▬ ▬▬ ▬▬▬ ▬ ▬▬▬▬ ▬▬ ▬▬▬ ▬▬ ▬▬ ▬▬▬ ▬ ▬▬▬▬ ▬▬ ▬▬▬ ▬▬ ▬▬ ▬▬▬ ▬ ▬▬▬▬ ▬▬ ▬▬▬ ▬▬ ▬▬ ▬▬▬ ▬ ▬▬▬▬ ▬▬ ▬▬▬ ▬▬
A BAN ON CIDER
▬▬ ▬▬▬ ▬ ▬▬▬▬ ▬▬ ▬▬▬ ▬▬ ▬▬ ▬▬▬ ▬ ▬▬▬▬ ▬▬ ▬▬▬ ▬▬ ▬▬ ▬▬▬ ▬ ▬▬▬▬ ▬▬ ▬▬▬ ▬▬ ▬▬ ▬▬▬ ▬ ▬▬▬▬ ▬▬ ▬▬▬ ▬▬ ▬▬ ▬▬▬ ▬ ▬▬▬▬ ▬▬ ▬▬▬ ▬▬ ▬▬ ▬▬▬ ▬ ▬▬▬▬ ▬▬ ▬▬▬ ▬▬ ▬▬ ▬▬▬ ▬ ▬▬▬▬ ▬▬ ▬▬▬ ▬▬ ▬▬ ▬▬▬ ▬ ▬▬▬▬ ▬▬ ▬▬▬ ▬▬ ▬▬ ▬▬▬ ▬ ▬▬▬▬ ▬▬ ▬▬▬ ▬▬ ▬▬ ▬▬▬ ▬ ▬▬▬▬ ▬▬ ▬▬▬ ▬▬ ▬▬ ▬▬▬ ▬ ▬▬▬▬ ▬▬ ▬▬▬ ▬▬ ▬▬ ▬▬▬ ▬ ▬▬▬▬ ▬▬ ▬▬▬ ▬▬ ▬▬ ▬▬▬ ▬ ▬▬▬▬ ▬▬ ▬▬▬ ▬▬ ▬▬ ▬▬▬ ▬ ▬▬▬▬ ▬▬ ▬▬▬ ▬▬ ▬▬ ▬▬▬ ▬ ▬▬▬▬ ▬▬ ▬▬▬ ▬▬ ▬▬ ▬▬▬ ▬ ▬▬▬▬ ▬▬ ▬▬▬ ▬▬ ▬▬ ▬▬▬ ▬ ▬▬▬▬ ▬▬ ▬▬▬ ▬▬ ▬▬ ▬▬▬ ▬ ▬▬▬▬ ▬▬ ▬▬▬ ▬▬ ▬▬ ▬▬▬ ▬ ▬▬▬▬ ▬▬ ▬▬▬ ▬▬ ▬▬ ▬▬▬ ▬ ▬▬▬▬ ▬▬ ▬▬▬ ▬▬ ▬▬ ▬▬▬ ▬ ▬▬▬▬ ▬▬ ▬▬▬ ▬▬ ▬▬ ▬▬▬ ▬ ▬▬▬▬ ▬▬ ▬▬▬ ▬▬ ▬▬ ▬▬▬ ▬ ▬▬▬▬ ▬▬ ▬▬▬ ▬▬ ▬▬ ▬▬▬ ▬ ▬▬▬▬ ▬▬ ▬▬▬ ▬▬ ▬▬ ▬▬▬ ▬ ▬▬▬▬ ▬▬ ▬▬▬ ▬▬ ▬▬ ▬▬▬ ▬ ▬▬▬▬ ▬▬ ▬▬▬ ▬▬ ▬▬ ▬▬▬ ▬ ▬▬▬▬ ▬▬ ▬▬▬ ▬▬ ▬▬ ▬▬▬ ▬ ▬▬▬▬ ▬▬ ▬▬▬ ▬▬ ▬▬ ▬▬▬ ▬ ▬▬▬▬ ▬▬ ▬▬▬ ▬▬ ▬▬ ▬▬▬ ▬ ▬▬▬▬ ▬▬ ▬▬▬ ▬▬ ▬▬ ▬▬▬ ▬ ▬▬▬▬ ▬▬ ▬▬▬ ▬▬ ▬▬ ▬▬▬ ▬ ▬▬▬▬ ▬▬ ▬▬▬ ▬▬ ▬▬ ▬▬▬ ▬ ▬▬▬▬ ▬▬ ▬▬▬ ▬▬ ▬▬ ▬▬▬ ▬ ▬▬▬▬ ▬▬ ▬▬▬ ▬▬ ▬▬ ▬▬▬ ▬ ▬▬▬▬ ▬▬ ▬▬▬ ▬▬ ▬▬ ▬▬▬ ▬ ▬▬▬▬ ▬▬ ▬▬▬ ▬▬ ▬▬ ▬▬▬ ▬ ▬▬▬▬ ▬▬ ▬▬▬ ▬▬ ▬▬ ▬▬▬ ▬ ▬▬▬▬ ▬▬ ▬▬▬ ▬▬ ▬▬ ▬▬▬ ▬ ▬▬▬▬ ▬▬ ▬▬▬ ▬▬ ▬▬ ▬▬▬ ▬ ▬▬▬▬ ▬▬ ▬▬▬ ▬▬ ▬▬ ▬▬▬ ▬ ▬▬▬▬ ▬▬ ▬▬▬ ▬▬ ▬▬ ▬▬▬ ▬ ▬▬▬▬ ▬▬ ▬▬▬ ▬▬
—William Shakespeare.
A Man Who Had Worked Hard
▬▬ ▬▬▬ ▬ ▬▬▬▬ ▬▬ ▬▬▬ ▬▬ ▬▬ ▬▬▬ ▬ ▬▬▬▬ ▬▬ ▬▬▬ ▬▬ ▬▬ ▬▬▬ ▬ ▬▬▬▬ ▬▬ ▬▬▬ ▬▬ ▬▬ ▬▬▬ ▬ ▬▬▬▬ ▬▬ ▬▬▬ ▬▬ ▬▬ ▬▬▬ ▬ ▬▬▬▬ ▬▬ ▬▬▬ ▬▬ ▬▬ ▬▬▬ ▬ ▬▬▬▬ ▬▬ ▬▬▬ ▬▬ ▬▬ ▬▬▬ ▬ ▬▬▬▬ ▬▬ ▬▬▬ ▬▬ ▬▬ ▬▬▬ ▬ ▬▬▬▬ ▬▬ ▬▬▬ ▬▬ ▬▬ ▬▬▬ ▬ ▬▬▬▬ ▬▬ ▬▬▬ ▬▬ ▬▬ ▬▬▬ ▬ ▬▬▬▬ ▬▬ ▬▬▬ ▬▬ ▬▬ ▬▬▬ ▬ ▬▬▬▬ ▬▬ ▬▬▬ ▬▬ ▬▬ ▬▬▬ ▬ ▬▬▬▬ ▬▬ ▬▬▬ ▬▬ ▬▬ ▬▬▬ ▬ ▬▬▬▬ ▬▬ ▬▬▬ ▬▬ ▬▬ ▬▬▬ ▬ ▬▬▬▬ ▬▬ ▬▬▬ ▬▬ ▬▬ ▬▬▬ ▬ ▬▬▬▬ ▬▬ ▬▬▬ ▬▬ ▬▬ ▬▬▬ ▬ ▬▬▬▬ ▬▬ ▬▬▬ ▬▬
The Merchants' Association
Lawrence
Send The Daily Kansan Home
75
More issues this college year and
they will be delivered by carrier or
mailed to any address for
75
cents. Why not
Binding Copper Plate Printing Rubber Stamps
A. G. ALRICH
PRINTING
The House of Quality
Engraving Steel Die Em-bossing Stationery
Home 478, Bell 288.	744 MASS. STREET
A Complete Course
...in...
School Hygiene
Is now offered by correspondence through the University Extension Division. The more important chapters in modern school hygiene will be considered, including defective and backward children, school diseases, hygiene of the nose, throat, mouth and teeth, hygiene of classroom instruction and discipline, medical inspection, etc.
For further information, address,
University Extension Division
University of Kansas
LAWRENCE, KAN.
